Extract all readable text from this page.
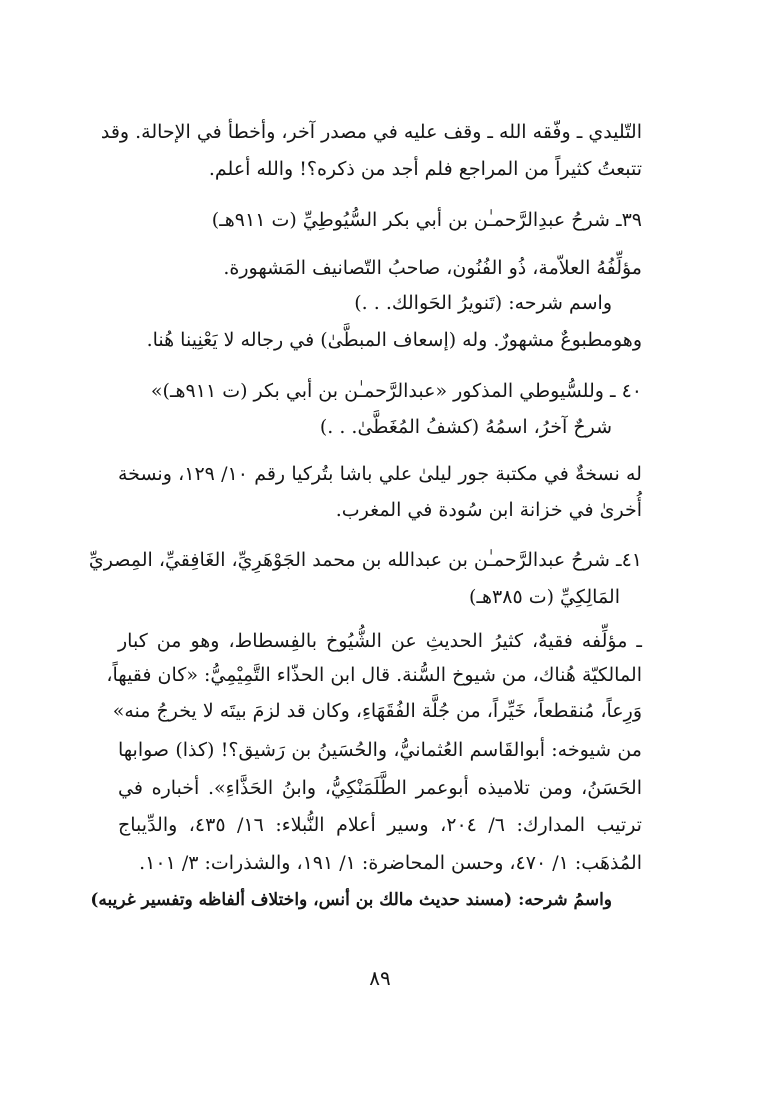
التّليدي ـ وفّقه الله ـ وقف عليه في مصدر آخر، وأخطأ في الإحالة. وقد
تتبعتُ كثيراً من المراجع فلم أجد من ذكره؟! والله أعلم.
٣٩ـ شرحُ عبدِالرَّحمـٰن بن أبي بكر السُّيُوطِيِّ (ت ٩١١هـ)
مؤلِّفُهُ العلاّمة، ذُو الفُنُون، صاحبُ التّصانيف المَشهورة.
واسم شرحه: (تَنويرُ الحَوالك. . .)
وهومطبوعٌ مشهورٌ. وله (إسعاف المبطَّىٰ) في رجاله لا يَعْنِينا هُنا.
٤٠ ـ وللسُّيوطي المذكور «عبدالرَّحمـٰن بن أبي بكر (ت ٩١١هـ)»
شرحٌ آخرُ، اسمُهُ (كشفُ المُغَطَّىٰ. . .)
له نسخةٌ في مكتبة جور ليلىٰ علي باشا بتُركيا رقم ١٠/ ١٢٩، ونسخة
أُخرىٰ في خزانة ابن سُودة في المغرب.
٤١ـ شرحُ عبدالرَّحمـٰن بن عبدالله بن محمد الجَوْهَرِيِّ، الغَافِقيِّ، المِصريِّ
المَالِكِيِّ (ت ٣٨٥هـ)
ـ مؤلِّفه فقيهٌ، كثيرُ الحديثِ عن الشُّيُوخ بالفِسطاط، وهو من كبار
المالكيّة هُناك، من شيوخ السُّنة. قال ابن الحذّاء التَّمِيْمِيُّ: «كان فقيهاً،
وَرِعاً، مُنقطعاً، خَيِّراً، من جُلَّة الفُقَهَاءِ، وكان قد لزمَ بيتَه لا يخرجُ منه»
من شيوخه: أبوالقَاسم العُثمانيُّ، والحُسَينُ بن رَشيق؟! (كذا) صوابها
الحَسَنُ، ومن تلاميذه أبوعمر الطَّلَمَنْكِيُّ، وابنُ الحَذَّاءِ». أخباره في
ترتيب المدارك: ٦/ ٢٠٤، وسير أعلام النُّبلاء: ١٦/ ٤٣٥، والدِّيباج
المُذهَب: ١/ ٤٧٠، وحسن المحاضرة: ١/ ١٩١، والشذرات: ٣/ ١٠١.
واسمُ شرحه: (مسند حديث مالك بن أنس، واختلاف ألفاظه وتفسير غريبه)
٨٩
